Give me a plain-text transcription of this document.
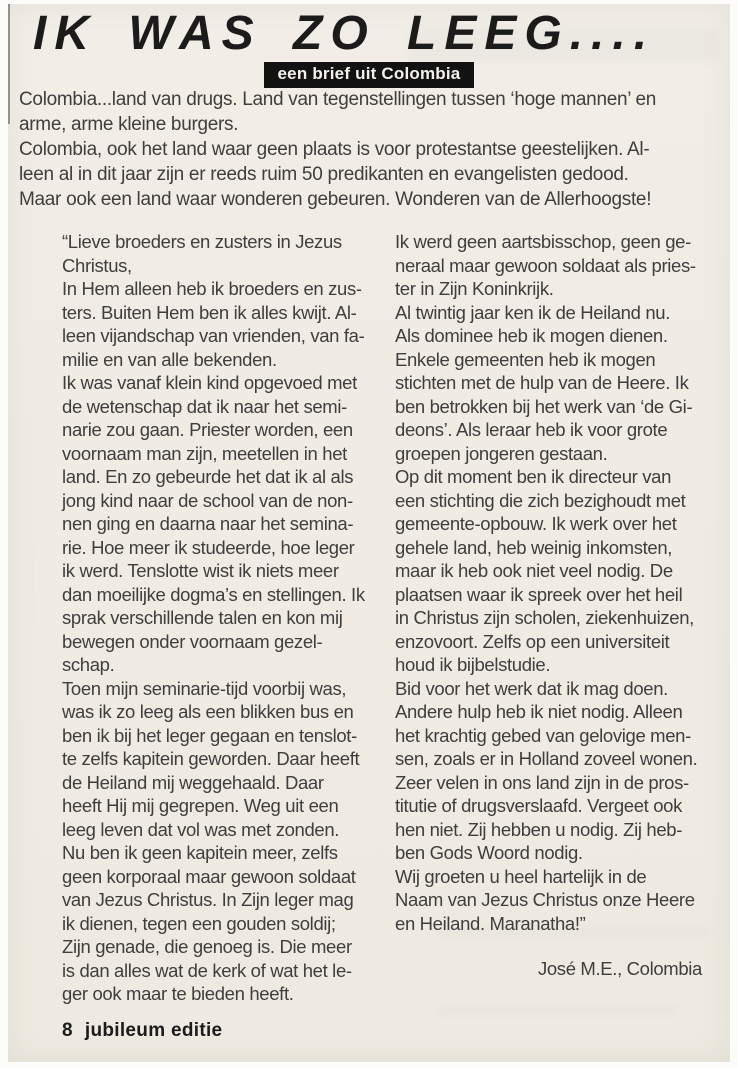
IK WAS ZO LEEG....
een brief uit Colombia
Colombia...land van drugs. Land van tegenstellingen tussen ‘hoge mannen’ en
arme, arme kleine burgers.
Colombia, ook het land waar geen plaats is voor protestantse geestelijken. Al-
leen al in dit jaar zijn er reeds ruim 50 predikanten en evangelisten gedood.
Maar ook een land waar wonderen gebeuren. Wonderen van de Allerhoogste!
“Lieve broeders en zusters in Jezus
Christus,
In Hem alleen heb ik broeders en zus-
ters. Buiten Hem ben ik alles kwijt. Al-
leen vijandschap van vrienden, van fa-
milie en van alle bekenden.
Ik was vanaf klein kind opgevoed met
de wetenschap dat ik naar het semi-
narie zou gaan. Priester worden, een
voornaam man zijn, meetellen in het
land. En zo gebeurde het dat ik al als
jong kind naar de school van de non-
nen ging en daarna naar het semina-
rie. Hoe meer ik studeerde, hoe leger
ik werd. Tenslotte wist ik niets meer
dan moeilijke dogma’s en stellingen. Ik
sprak verschillende talen en kon mij
bewegen onder voornaam gezel-
schap.
Toen mijn seminarie-tijd voorbij was,
was ik zo leeg als een blikken bus en
ben ik bij het leger gegaan en tenslot-
te zelfs kapitein geworden. Daar heeft
de Heiland mij weggehaald. Daar
heeft Hij mij gegrepen. Weg uit een
leeg leven dat vol was met zonden.
Nu ben ik geen kapitein meer, zelfs
geen korporaal maar gewoon soldaat
van Jezus Christus. In Zijn leger mag
ik dienen, tegen een gouden soldij;
Zijn genade, die genoeg is. Die meer
is dan alles wat de kerk of wat het le-
ger ook maar te bieden heeft.
Ik werd geen aartsbisschop, geen ge-
neraal maar gewoon soldaat als pries-
ter in Zijn Koninkrijk.
Al twintig jaar ken ik de Heiland nu.
Als dominee heb ik mogen dienen.
Enkele gemeenten heb ik mogen
stichten met de hulp van de Heere. Ik
ben betrokken bij het werk van ‘de Gi-
deons’. Als leraar heb ik voor grote
groepen jongeren gestaan.
Op dit moment ben ik directeur van
een stichting die zich bezighoudt met
gemeente-opbouw. Ik werk over het
gehele land, heb weinig inkomsten,
maar ik heb ook niet veel nodig. De
plaatsen waar ik spreek over het heil
in Christus zijn scholen, ziekenhuizen,
enzovoort. Zelfs op een universiteit
houd ik bijbelstudie.
Bid voor het werk dat ik mag doen.
Andere hulp heb ik niet nodig. Alleen
het krachtig gebed van gelovige men-
sen, zoals er in Holland zoveel wonen.
Zeer velen in ons land zijn in de pros-
titutie of drugsverslaafd. Vergeet ook
hen niet. Zij hebben u nodig. Zij heb-
ben Gods Woord nodig.
Wij groeten u heel hartelijk in de
Naam van Jezus Christus onze Heere
en Heiland. Maranatha!”
José M.E., Colombia
8 jubileum editie
